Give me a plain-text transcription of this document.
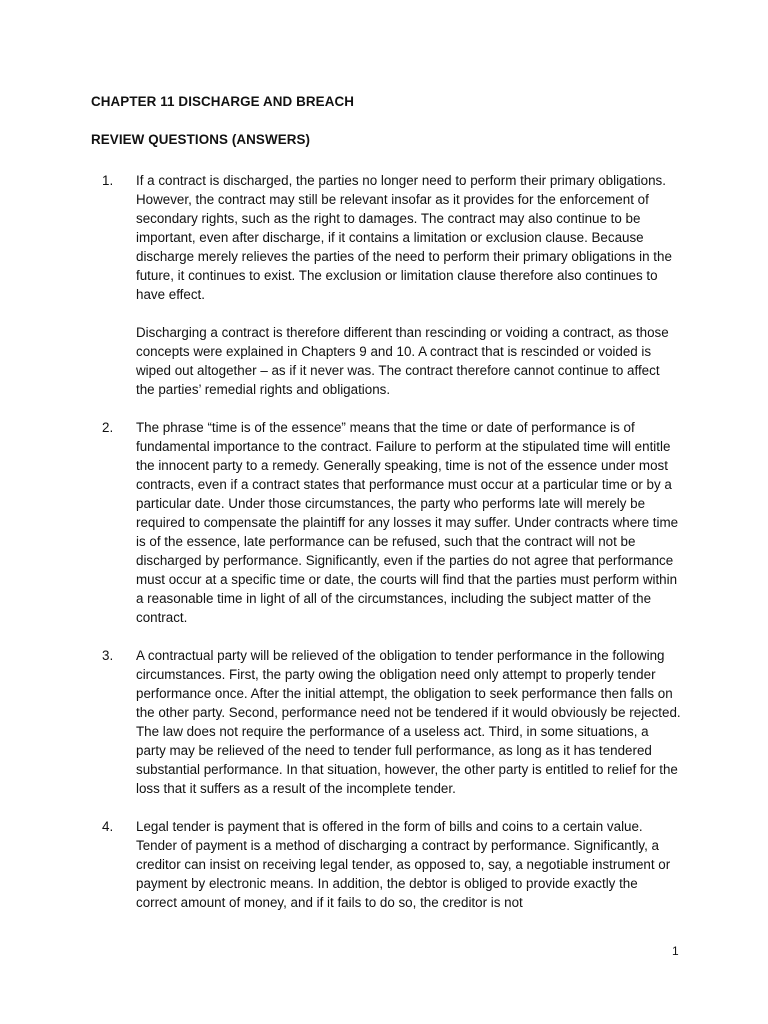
CHAPTER 11 DISCHARGE AND BREACH
REVIEW QUESTIONS (ANSWERS)
1. If a contract is discharged, the parties no longer need to perform their primary obligations. However, the contract may still be relevant insofar as it provides for the enforcement of secondary rights, such as the right to damages. The contract may also continue to be important, even after discharge, if it contains a limitation or exclusion clause. Because discharge merely relieves the parties of the need to perform their primary obligations in the future, it continues to exist. The exclusion or limitation clause therefore also continues to have effect.

Discharging a contract is therefore different than rescinding or voiding a contract, as those concepts were explained in Chapters 9 and 10. A contract that is rescinded or voided is wiped out altogether – as if it never was. The contract therefore cannot continue to affect the parties’ remedial rights and obligations.

2. The phrase “time is of the essence” means that the time or date of performance is of fundamental importance to the contract. Failure to perform at the stipulated time will entitle the innocent party to a remedy. Generally speaking, time is not of the essence under most contracts, even if a contract states that performance must occur at a particular time or by a particular date. Under those circumstances, the party who performs late will merely be required to compensate the plaintiff for any losses it may suffer. Under contracts where time is of the essence, late performance can be refused, such that the contract will not be discharged by performance. Significantly, even if the parties do not agree that performance must occur at a specific time or date, the courts will find that the parties must perform within a reasonable time in light of all of the circumstances, including the subject matter of the contract.

3. A contractual party will be relieved of the obligation to tender performance in the following circumstances. First, the party owing the obligation need only attempt to properly tender performance once. After the initial attempt, the obligation to seek performance then falls on the other party. Second, performance need not be tendered if it would obviously be rejected. The law does not require the performance of a useless act. Third, in some situations, a party may be relieved of the need to tender full performance, as long as it has tendered substantial performance. In that situation, however, the other party is entitled to relief for the loss that it suffers as a result of the incomplete tender.

4. Legal tender is payment that is offered in the form of bills and coins to a certain value. Tender of payment is a method of discharging a contract by performance. Significantly, a creditor can insist on receiving legal tender, as opposed to, say, a negotiable instrument or payment by electronic means. In addition, the debtor is obliged to provide exactly the correct amount of money, and if it fails to do so, the creditor is not

1
